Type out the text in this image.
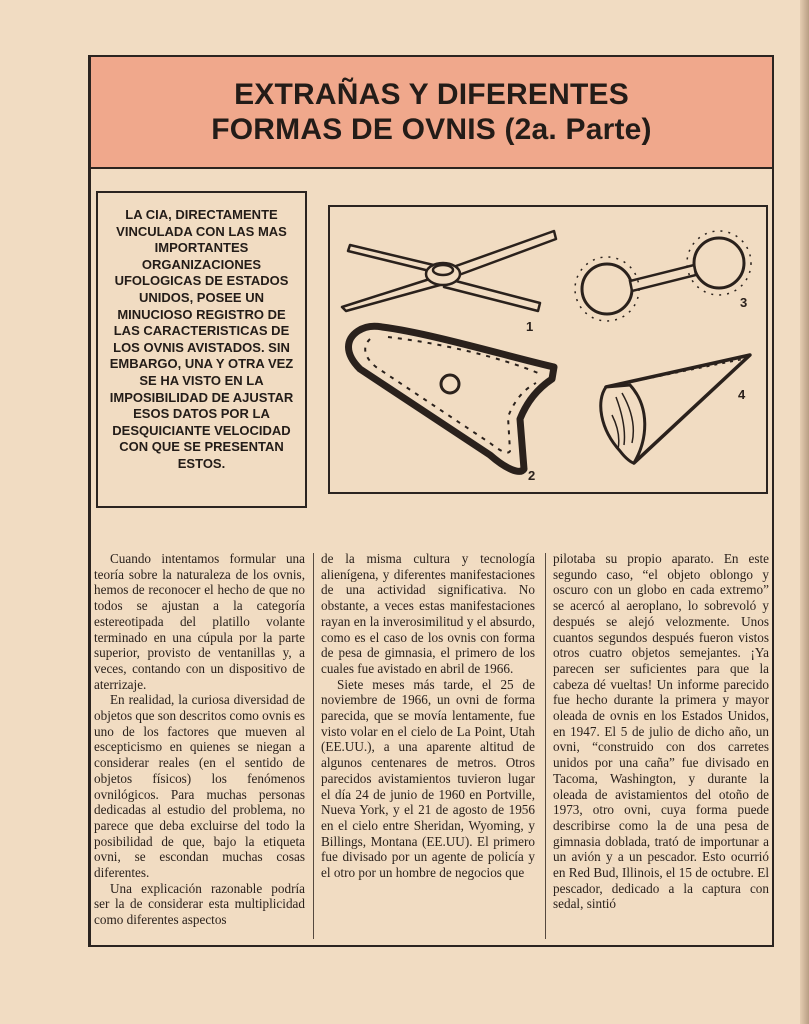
EXTRAÑAS Y DIFERENTES
FORMAS DE OVNIS (2a. Parte)
LA CIA, DIRECTAMENTE VINCULADA CON LAS MAS IMPORTANTES ORGANIZACIONES UFOLOGICAS DE ESTADOS UNIDOS, POSEE UN MINUCIOSO REGISTRO DE LAS CARACTERISTICAS DE LOS OVNIS AVISTADOS. SIN EMBARGO, UNA Y OTRA VEZ SE HA VISTO EN LA IMPOSIBILIDAD DE AJUSTAR ESOS DATOS POR LA DESQUICIANTE VELOCIDAD CON QUE SE PRESENTAN ESTOS.
1
2
3
4

Cuando intentamos formular una teoría sobre la naturaleza de los ovnis, hemos de reconocer el hecho de que no todos se ajustan a la categoría estereotipada del platillo volante terminado en una cúpula por la parte superior, provisto de ventanillas y, a veces, contando con un dispositivo de aterrizaje.

En realidad, la curiosa diversidad de objetos que son descritos como ovnis es uno de los factores que mueven al escepticismo en quienes se niegan a considerar reales (en el sentido de objetos físicos) los fenómenos ovnilógicos. Para muchas personas dedicadas al estudio del problema, no parece que deba excluirse del todo la posibilidad de que, bajo la etiqueta ovni, se escondan muchas cosas diferentes.

Una explicación razonable podría ser la de considerar esta multiplicidad como diferentes aspectos

de la misma cultura y tecnología alienígena, y diferentes manifestaciones de una actividad significativa. No obstante, a veces estas manifestaciones rayan en la inverosimilitud y el absurdo, como es el caso de los ovnis con forma de pesa de gimnasia, el primero de los cuales fue avistado en abril de 1966.

Siete meses más tarde, el 25 de noviembre de 1966, un ovni de forma parecida, que se movía lentamente, fue visto volar en el cielo de La Point, Utah (EE.UU.), a una aparente altitud de algunos centenares de metros. Otros parecidos avistamientos tuvieron lugar el día 24 de junio de 1960 en Portville, Nueva York, y el 21 de agosto de 1956 en el cielo entre Sheridan, Wyoming, y Billings, Montana (EE.UU). El primero fue divisado por un agente de policía y el otro por un hombre de negocios que

pilotaba su propio aparato. En este segundo caso, “el objeto oblongo y oscuro con un globo en cada extremo” se acercó al aeroplano, lo sobrevoló y después se alejó velozmente. Unos cuantos segundos después fueron vistos otros cuatro objetos semejantes. ¡Ya parecen ser suficientes para que la cabeza dé vueltas! Un informe parecido fue hecho durante la primera y mayor oleada de ovnis en los Estados Unidos, en 1947. El 5 de julio de dicho año, un ovni, “construido con dos carretes unidos por una caña” fue divisado en Tacoma, Washington, y durante la oleada de avistamientos del otoño de 1973, otro ovni, cuya forma puede describirse como la de una pesa de gimnasia doblada, trató de importunar a un avión y a un pescador. Esto ocurrió en Red Bud, Illinois, el 15 de octubre. El pescador, dedicado a la captura con sedal, sintió
